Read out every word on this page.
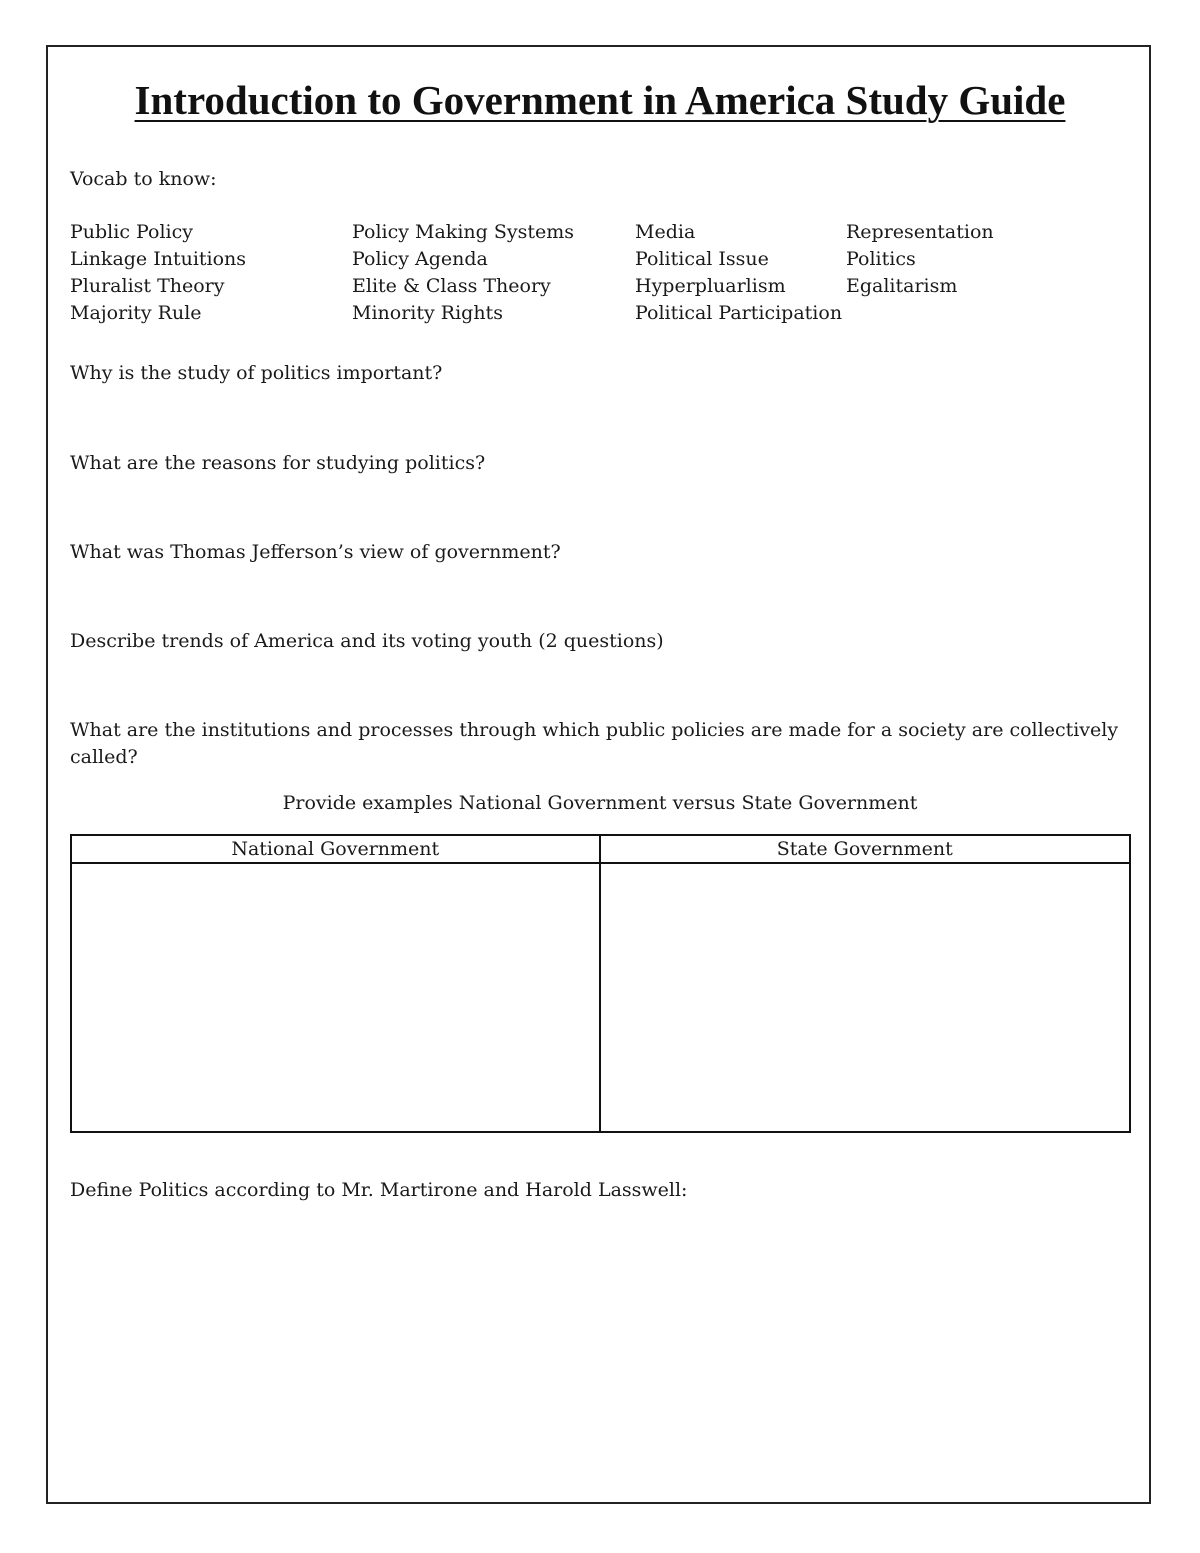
Introduction to Government in America Study Guide
Vocab to know:
Public Policy
Linkage Intuitions
Pluralist Theory
Majority Rule
Policy Making Systems
Policy Agenda
Elite & Class Theory
Minority Rights
Media
Political Issue
Hyperpluarlism
Political Participation
Representation
Politics
Egalitarism
Why is the study of politics important?
What are the reasons for studying politics?
What was Thomas Jefferson’s view of government?
Describe trends of America and its voting youth (2 questions)
What are the institutions and processes through which public policies are made for a society are collectively called?
Provide examples National Government versus State Government
National Government	State Government
Define Politics according to Mr. Martirone and Harold Lasswell:
